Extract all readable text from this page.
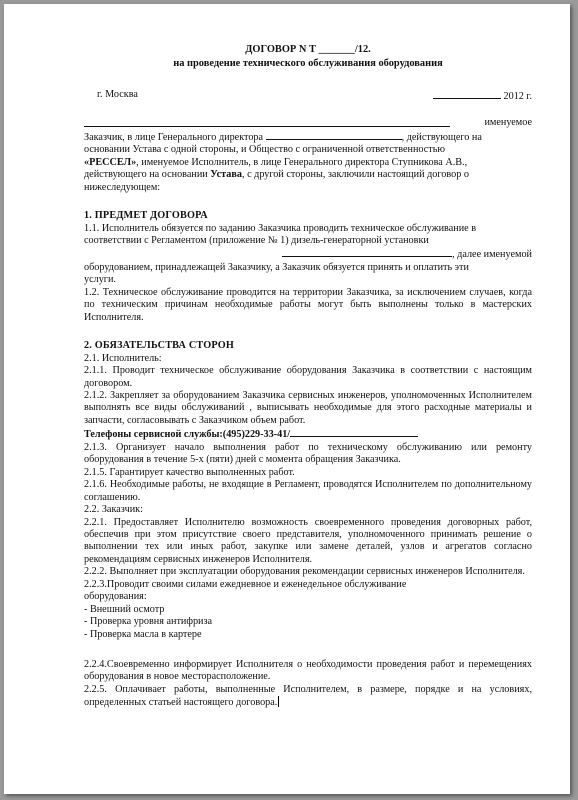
ДОГОВОР N Т _______/12.
на проведение технического обслуживания оборудования
г. Москва	2012 г.
именуемое
Заказчик, в лице Генерального директора	, действующего на
основании Устава с одной стороны, и Общество с ограниченной ответственностью
«РЕССЕЛ», именуемое Исполнитель, в лице Генерального директора Ступникова А.В.,
действующего на основании Устава, с другой стороны, заключили настоящий договор о
нижеследующем:
1. ПРЕДМЕТ ДОГОВОРА
1.1. Исполнитель обязуется по заданию Заказчика проводить техническое обслуживание в
соответствии с Регламентом (приложение № 1) дизель-генераторной установки
, далее именуемой
оборудованием, принадлежащей Заказчику, а Заказчик обязуется принять и оплатить эти
услуги.
1.2. Техническое обслуживание проводится на территории Заказчика, за исключением случаев, когда по техническим причинам необходимые работы могут быть выполнены только в мастерских Исполнителя.
2. ОБЯЗАТЕЛЬСТВА СТОРОН
2.1. Исполнитель:
2.1.1. Проводит техническое обслуживание оборудования Заказчика в соответствии с настоящим договором.
2.1.2. Закрепляет за оборудованием Заказчика сервисных инженеров, уполномоченных Исполнителем выполнять все виды обслуживаний , выписывать необходимые для этого расходные материалы и запчасти, согласовывать с Заказчиком объем работ.
Телефоны сервисной службы:(495)229-33-41/
2.1.3. Организует начало выполнения работ по техническому обслуживанию или ремонту оборудования в течение 5-х (пяти) дней с момента обращения Заказчика.
2.1.5. Гарантирует качество выполненных работ.
2.1.6. Необходимые работы, не входящие в Регламент, проводятся Исполнителем по дополнительному соглашению.
2.2. Заказчик:
2.2.1. Предоставляет Исполнителю возможность своевременного проведения договорных работ, обеспечив при этом присутствие своего представителя, уполномоченного принимать решение о выполнении тех или иных работ, закупке или замене деталей, узлов и агрегатов согласно рекомендациям сервисных инженеров Исполнителя.
2.2.2. Выполняет при эксплуатации оборудования рекомендации сервисных инженеров Исполнителя.
2.2.3.Проводит своими силами ежедневное и еженедельное обслуживание
оборудования:
- Внешний осмотр
- Проверка уровня антифриза
- Проверка масла в картере
2.2.4.Своевременно информирует Исполнителя о необходимости проведения работ и перемещениях оборудования в новое месторасположение.
2.2.5. Оплачивает работы, выполненные Исполнителем, в размере, порядке и на условиях, определенных статьей настоящего договора.
